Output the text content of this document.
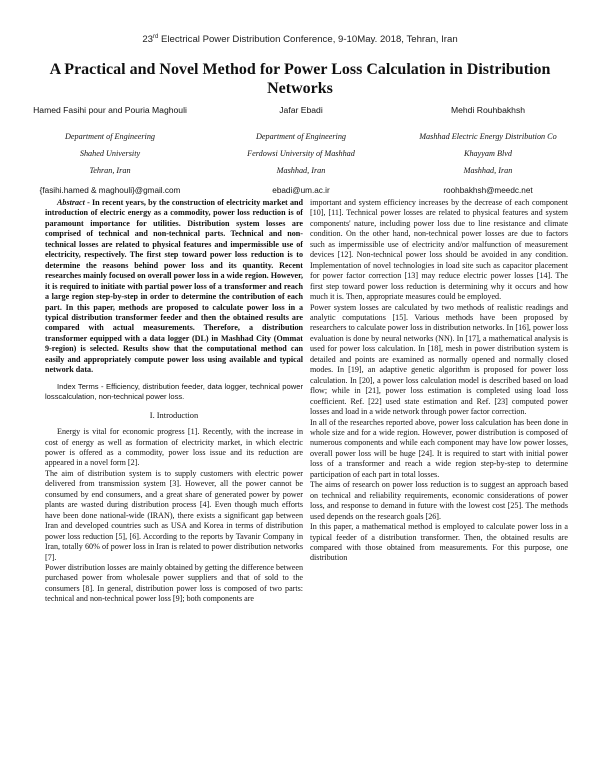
23rd Electrical Power Distribution Conference, 9-10May. 2018, Tehran, Iran
A Practical and Novel Method for Power Loss Calculation in Distribution Networks
Hamed Fasihi pour and Pouria Maghouli
Department of Engineering
Shahed University
Tehran, Iran
{fasihi.hamed & maghouli}@gmail.com
Jafar Ebadi
Department of Engineering
Ferdowsi University of Mashhad
Mashhad, Iran
ebadi@um.ac.ir
Mehdi Rouhbakhsh
Mashhad Electric Energy Distribution Co
Khayyam Blvd
Mashhad, Iran
roohbakhsh@meedc.net

Abstract - In recent years, by the construction of electricity market and introduction of electric energy as a commodity, power loss reduction is of paramount importance for utilities. Distribution system losses are comprised of technical and non-technical parts. Technical and non-technical losses are related to physical features and impermissible use of electricity, respectively. The first step toward power loss reduction is to determine the reasons behind power loss and its quantity. Recent researches mainly focused on overall power loss in a wide region. However, it is required to initiate with partial power loss of a transformer and reach a large region step-by-step in order to determine the contribution of each part. In this paper, methods are proposed to calculate power loss in a typical distribution transformer feeder and then the obtained results are compared with actual measurements. Therefore, a distribution transformer equipped with a data logger (DL) in Mashhad City (Ommat 9-region) is selected. Results show that the computational method can easily and appropriately compute power loss using available and typical network data.

Index Terms - Efficiency, distribution feeder, data logger, technical power losscalculation, non-technical power loss.

I. Introduction

Energy is vital for economic progress [1]. Recently, with the increase in cost of energy as well as formation of electricity market, in which electric power is offered as a commodity, power loss issue and its reduction are appeared in a novel form [2].

The aim of distribution system is to supply customers with electric power delivered from transmission system [3]. However, all the power cannot be consumed by end consumers, and a great share of generated power by power plants are wasted during distribution process [4]. Even though much efforts have been done national-wide (IRAN), there exists a significant gap between Iran and developed countries such as USA and Korea in terms of distribution power loss reduction [5], [6]. According to the reports by Tavanir Company in Iran, totally 60% of power loss in Iran is related to power distribution networks [7].

Power distribution losses are mainly obtained by getting the difference between purchased power from wholesale power suppliers and that of sold to the consumers [8]. In general, distribution power loss is composed of two parts: technical and non-technical power loss [9]; both components are

important and system efficiency increases by the decrease of each component [10], [11]. Technical power losses are related to physical features and system components' nature, including power loss due to line resistance and climate condition. On the other hand, non-technical power losses are due to factors such as impermissible use of electricity and/or malfunction of measurement devices [12]. Non-technical power loss should be avoided in any condition. Implementation of novel technologies in load site such as capacitor placement for power factor correction [13] may reduce electric power losses [14]. The first step toward power loss reduction is determining why it occurs and how much it is. Then, appropriate measures could be employed.

Power system losses are calculated by two methods of realistic readings and analytic computations [15]. Various methods have been proposed by researchers to calculate power loss in distribution networks. In [16], power loss evaluation is done by neural networks (NN). In [17], a mathematical analysis is used for power loss calculation. In [18], mesh in power distribution system is detailed and points are examined as normally opened and normally closed modes. In [19], an adaptive genetic algorithm is proposed for power loss calculation. In [20], a power loss calculation model is described based on load flow; while in [21], power loss estimation is completed using load loss coefficient. Ref. [22] used state estimation and Ref. [23] computed power losses and load in a wide network through power factor correction.

In all of the researches reported above, power loss calculation has been done in whole size and for a wide region. However, power distribution is composed of numerous components and while each component may have low power losses, overall power loss will be huge [24]. It is required to start with initial power loss of a transformer and reach a wide region step-by-step to determine participation of each part in total losses.

The aims of research on power loss reduction is to suggest an approach based on technical and reliability requirements, economic considerations of power loss, and response to demand in future with the lowest cost [25]. The methods used depends on the research goals [26].

In this paper, a mathematical method is employed to calculate power loss in a typical feeder of a distribution transformer. Then, the obtained results are compared with those obtained from measurements. For this purpose, one distribution
